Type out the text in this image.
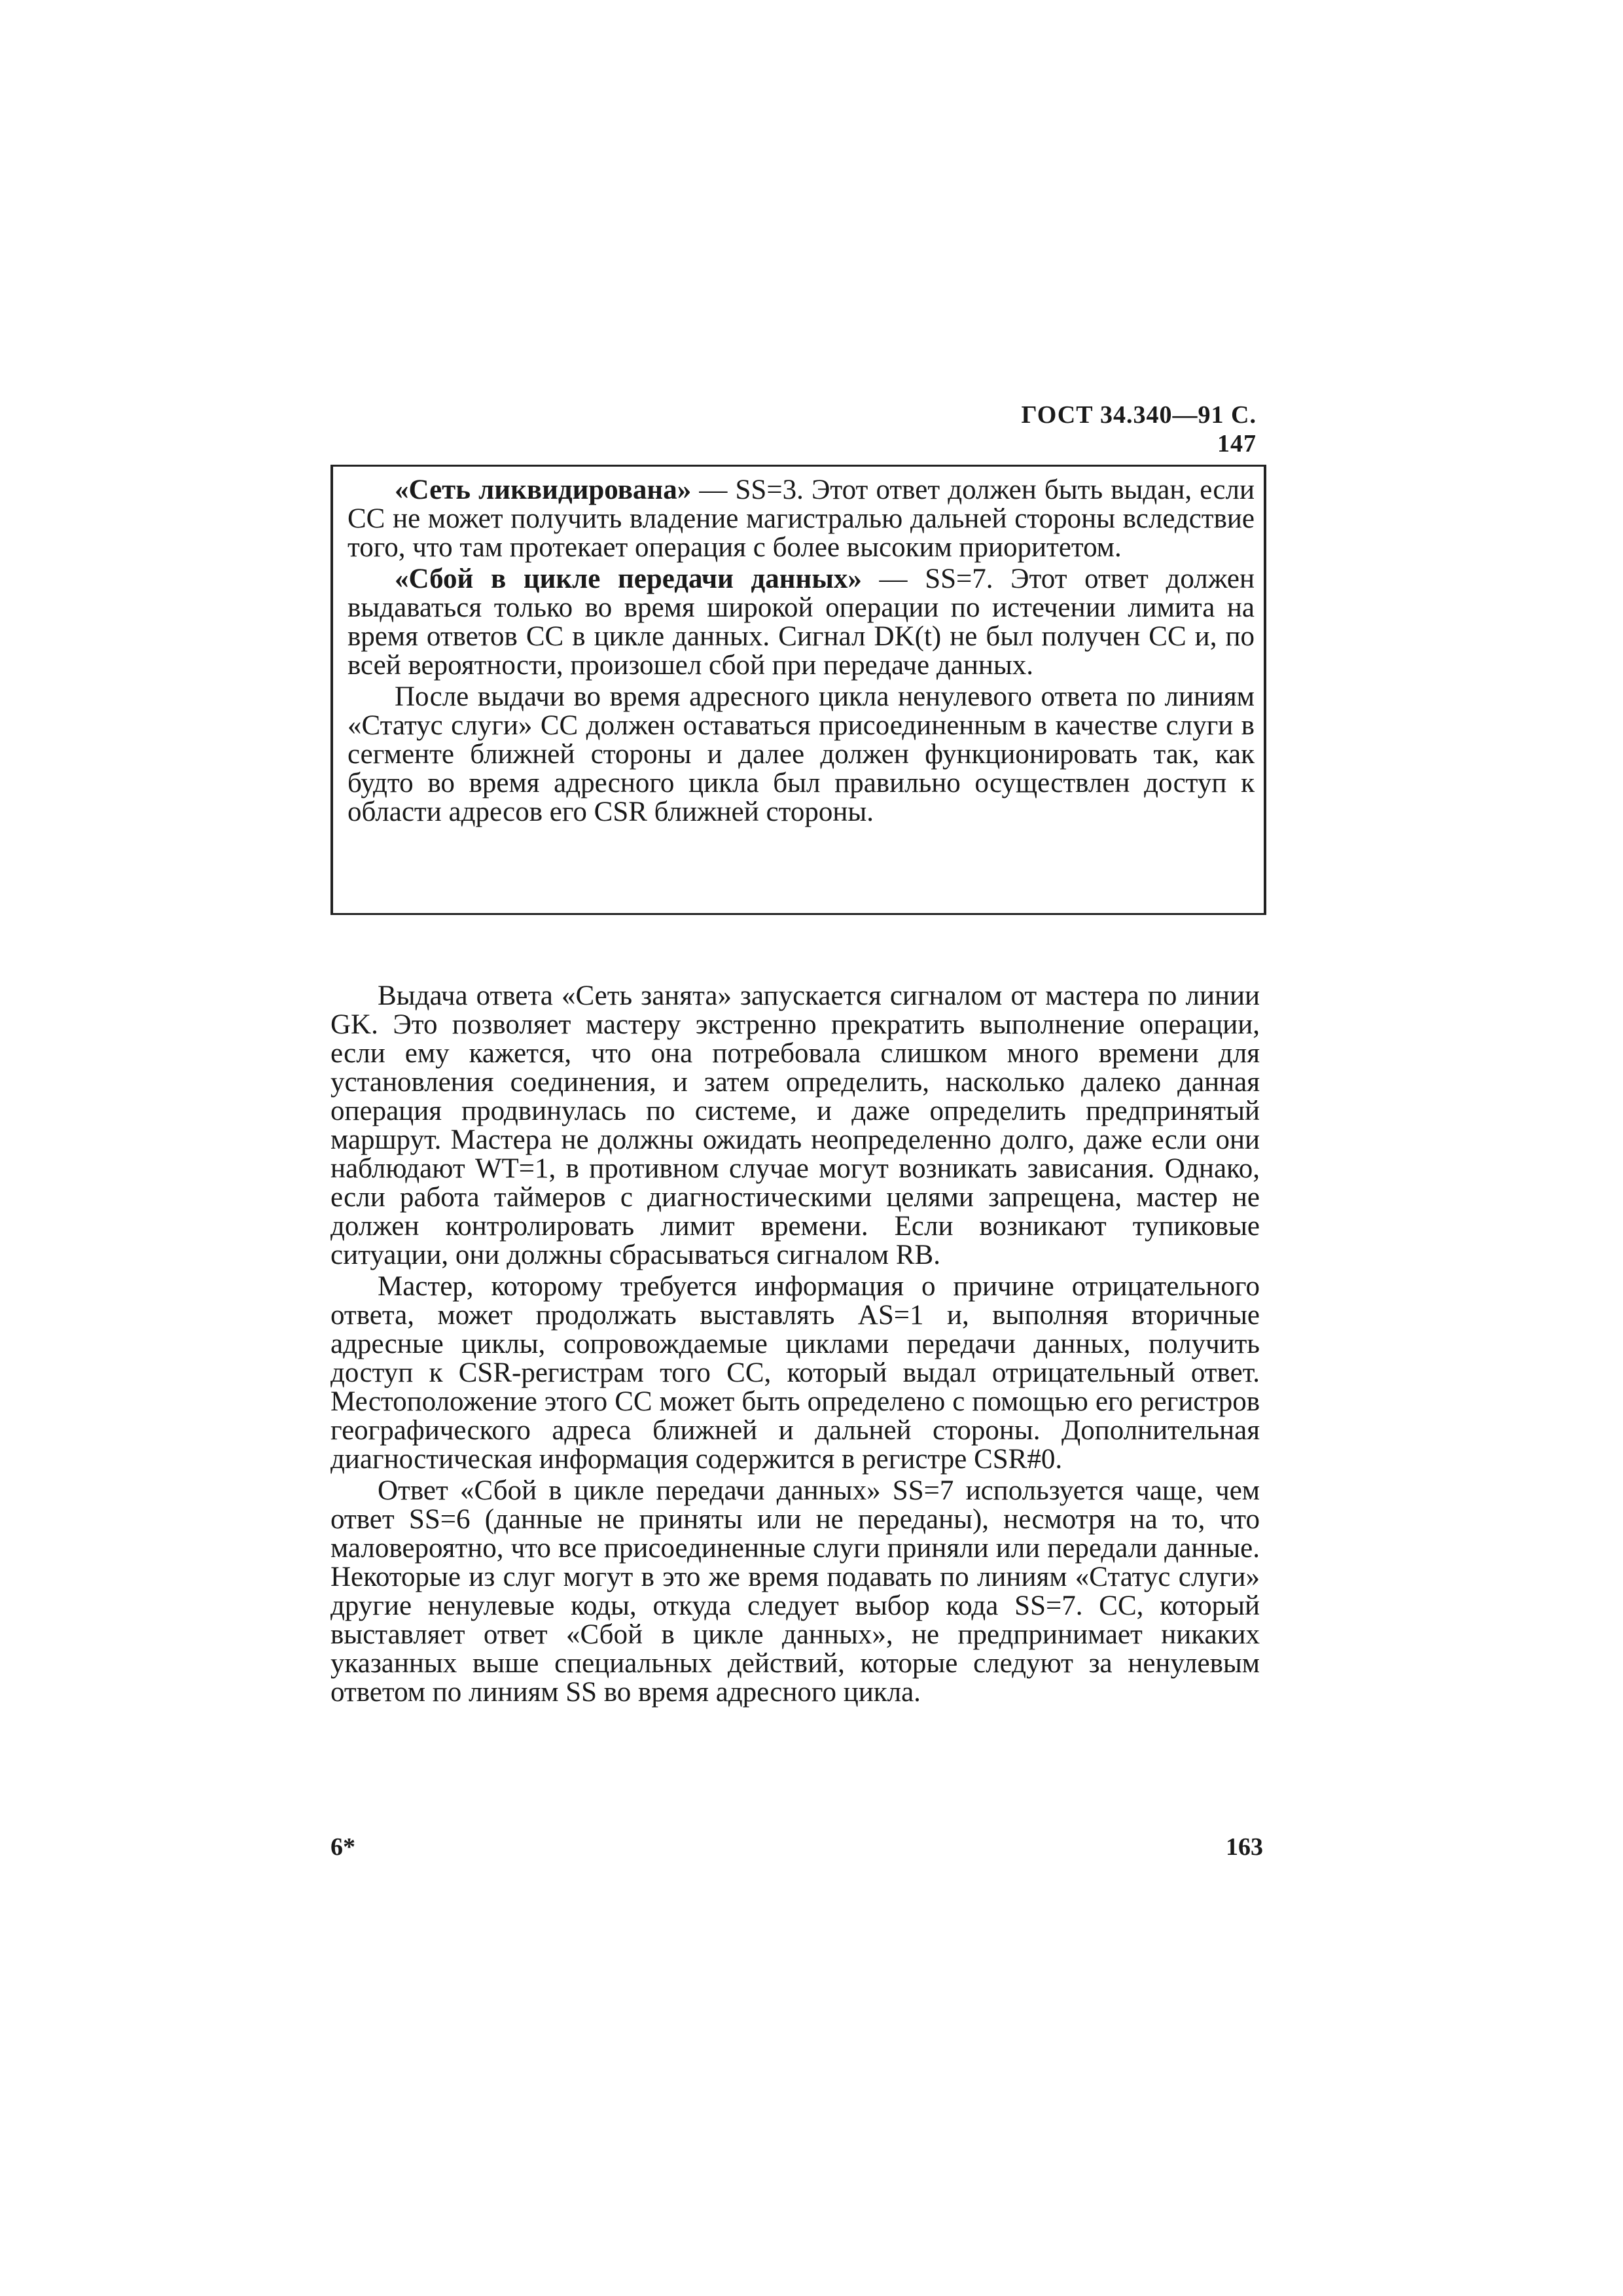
ГОСТ 34.340—91 С. 147

«Сеть ликвидирована» — SS=3. Этот ответ должен быть выдан, если СС не может получить владение магистралью дальней стороны вследствие того, что там протекает операция с более высоким приоритетом.

«Сбой в цикле передачи данных» — SS=7. Этот ответ должен выдаваться только во время широкой операции по истечении лимита на время ответов СС в цикле данных. Сигнал DK(t) не был получен СС и, по всей вероятности, произошел сбой при передаче данных.

После выдачи во время адресного цикла ненулевого ответа по линиям «Статус слуги» СС должен оставаться присоединенным в качестве слуги в сегменте ближней стороны и далее должен функционировать так, как будто во время адресного цикла был правильно осуществлен доступ к области адресов его CSR ближней стороны.

Выдача ответа «Сеть занята» запускается сигналом от мастера по линии GK. Это позволяет мастеру экстренно прекратить выполнение операции, если ему кажется, что она потребовала слишком много времени для установления соединения, и затем определить, насколько далеко данная операция продвинулась по системе, и даже определить предпринятый маршрут. Мастера не должны ожидать неопределенно долго, даже если они наблюдают WT=1, в противном случае могут возникать зависания. Однако, если работа таймеров с диагностическими целями запрещена, мастер не должен контролировать лимит времени. Если возникают тупиковые ситуации, они должны сбрасываться сигналом RB.

Мастер, которому требуется информация о причине отрицательного ответа, может продолжать выставлять AS=1 и, выполняя вторичные адресные циклы, сопровождаемые циклами передачи данных, получить доступ к CSR-регистрам того СС, который выдал отрицательный ответ. Местоположение этого СС может быть определено с помощью его регистров географического адреса ближней и дальней стороны. Дополнительная диагностическая информация содержится в регистре CSR#0.

Ответ «Сбой в цикле передачи данных» SS=7 используется чаще, чем ответ SS=6 (данные не приняты или не переданы), несмотря на то, что маловероятно, что все присоединенные слуги приняли или передали данные. Некоторые из слуг могут в это же время подавать по линиям «Статус слуги» другие ненулевые коды, откуда следует выбор кода SS=7. СС, который выставляет ответ «Сбой в цикле данных», не предпринимает никаких указанных выше специальных действий, которые следуют за ненулевым ответом по линиям SS во время адресного цикла.

6*	163
